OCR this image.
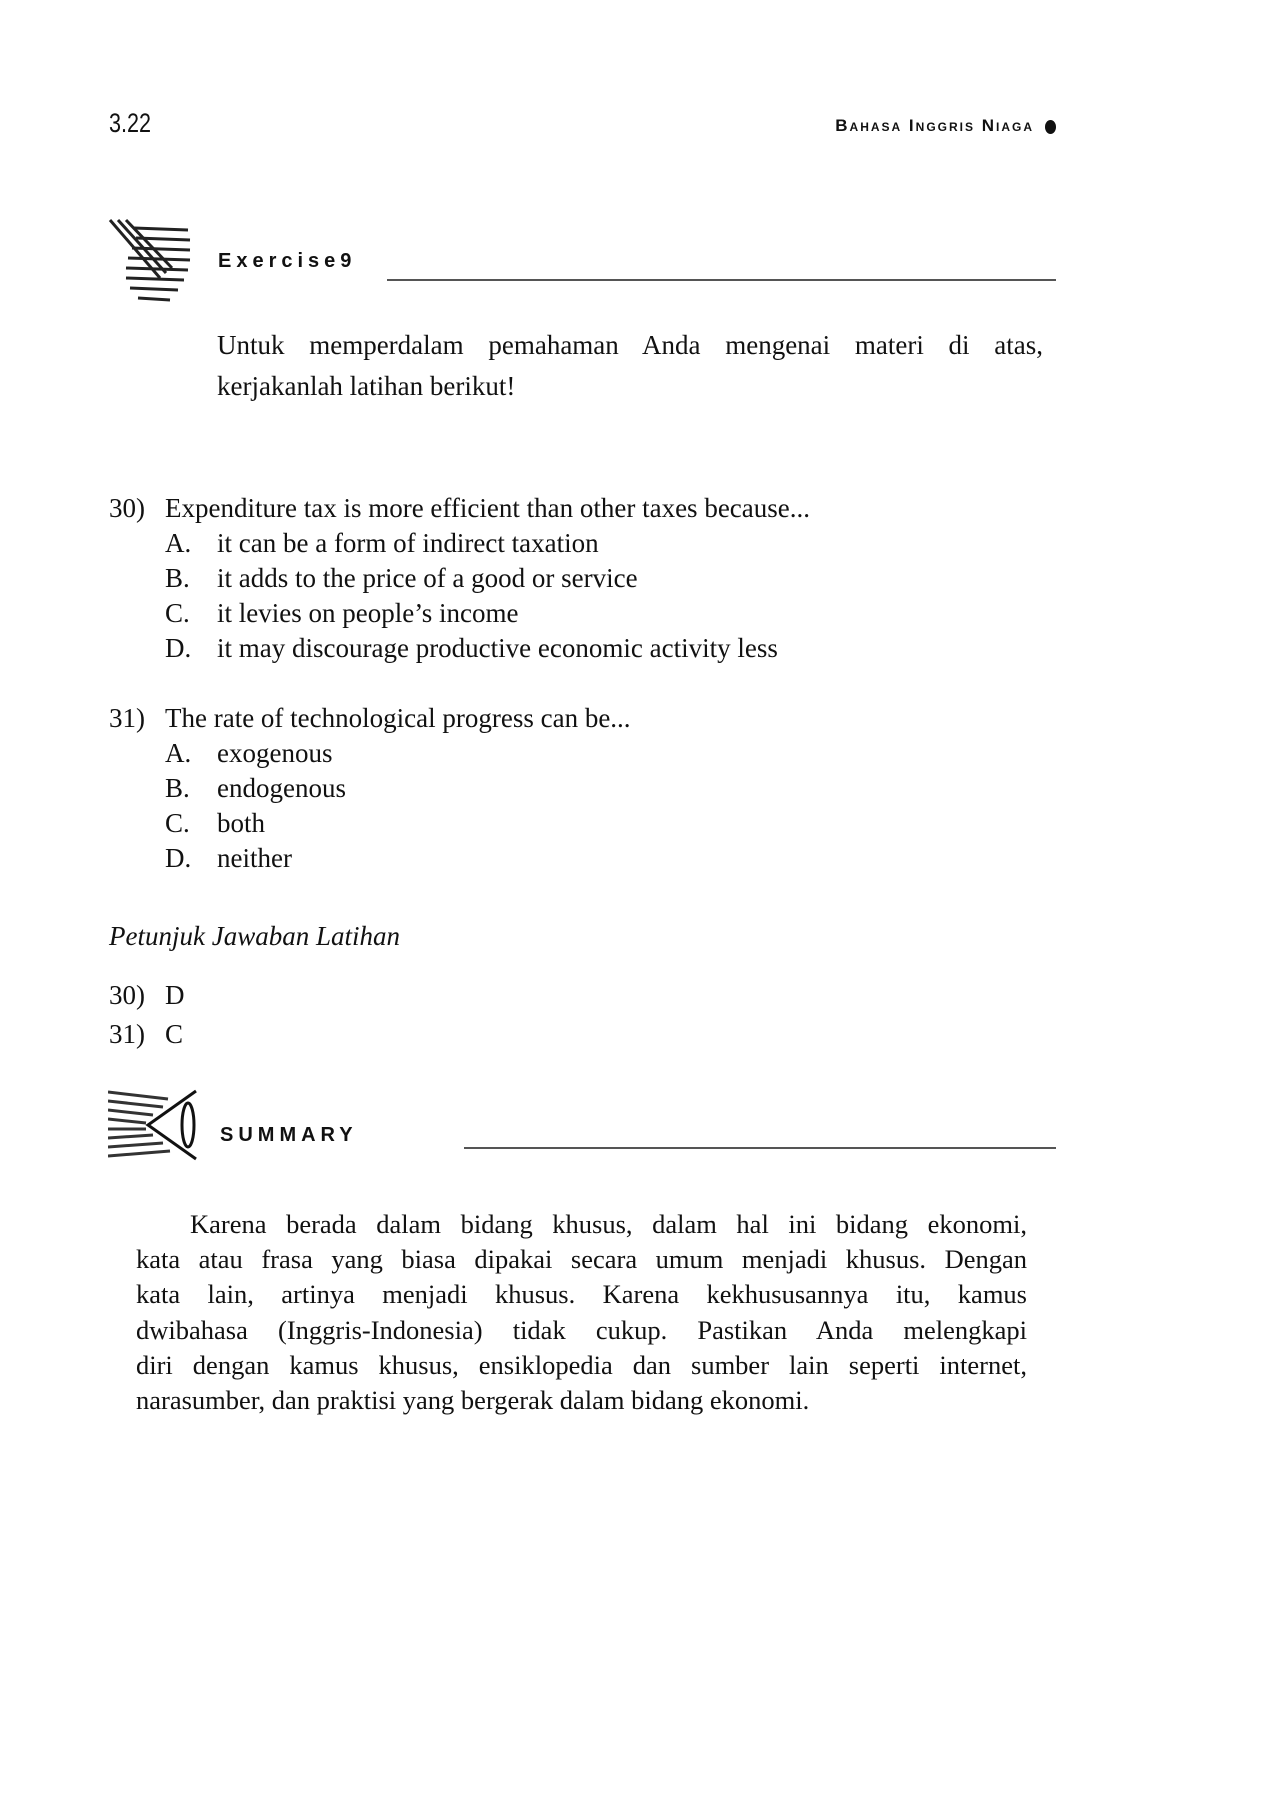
3.22	Bahasa Inggris Niaga
Exercise9
Untuk memperdalam pemahaman Anda mengenai materi di atas,
kerjakanlah latihan berikut!
30) Expenditure tax is more efficient than other taxes because...
A. it can be a form of indirect taxation
B. it adds to the price of a good or service
C. it levies on people’s income
D. it may discourage productive economic activity less
31) The rate of technological progress can be...
A. exogenous
B. endogenous
C. both
D. neither
Petunjuk Jawaban Latihan
30) D
31) C
SUMMARY
Karena berada dalam bidang khusus, dalam hal ini bidang ekonomi,
kata atau frasa yang biasa dipakai secara umum menjadi khusus. Dengan
kata lain, artinya menjadi khusus. Karena kekhususannya itu, kamus
dwibahasa (Inggris-Indonesia) tidak cukup. Pastikan Anda melengkapi
diri dengan kamus khusus, ensiklopedia dan sumber lain seperti internet,
narasumber, dan praktisi yang bergerak dalam bidang ekonomi.
